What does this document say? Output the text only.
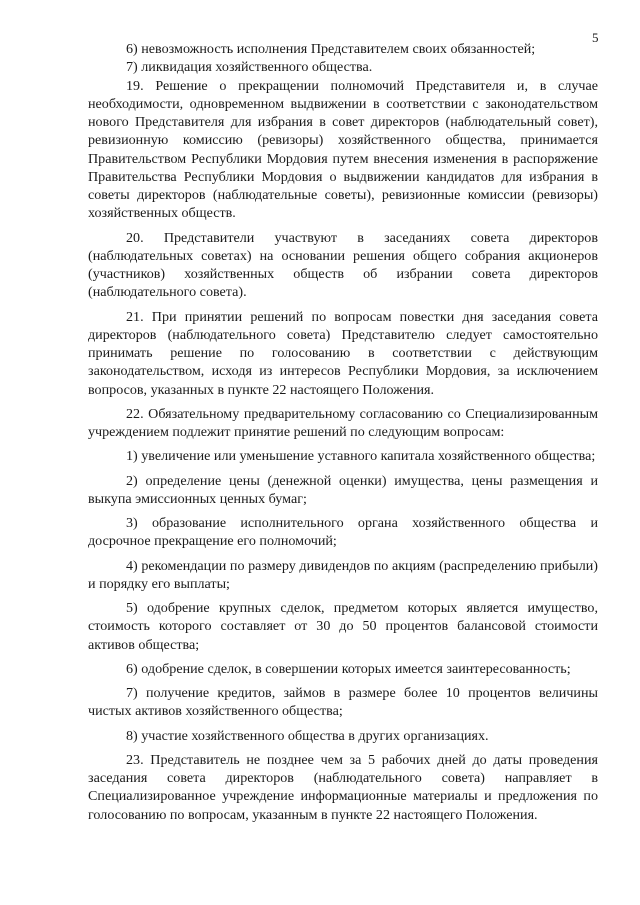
5

6) невозможность исполнения Представителем своих обязанностей;

7) ликвидация хозяйственного общества.

19. Решение о прекращении полномочий Представителя и, в случае необходимости, одновременном выдвижении в соответствии с законодательством нового Представителя для избрания в совет директоров (наблюдательный совет), ревизионную комиссию (ревизоры) хозяйственного общества, принимается Правительством Республики Мордовия путем внесения изменения в распоряжение Правительства Республики Мордовия о выдвижении кандидатов для избрания в советы директоров (наблюдательные советы), ревизионные комиссии (ревизоры) хозяйственных обществ.

20. Представители участвуют в заседаниях совета директоров (наблюдательных советах) на основании решения общего собрания акционеров (участников) хозяйственных обществ об избрании совета директоров (наблюдательного совета).

21. При принятии решений по вопросам повестки дня заседания совета директоров (наблюдательного совета) Представителю следует самостоятельно принимать решение по голосованию в соответствии с действующим законодательством, исходя из интересов Республики Мордовия, за исключением вопросов, указанных в пункте 22 настоящего Положения.

22. Обязательному предварительному согласованию со Специализированным учреждением подлежит принятие решений по следующим вопросам:

1) увеличение или уменьшение уставного капитала хозяйственного общества;

2) определение цены (денежной оценки) имущества, цены размещения и выкупа эмиссионных ценных бумаг;

3) образование исполнительного органа хозяйственного общества и досрочное прекращение его полномочий;

4) рекомендации по размеру дивидендов по акциям (распределению прибыли) и порядку его выплаты;

5) одобрение крупных сделок, предметом которых является имущество, стоимость которого составляет от 30 до 50 процентов балансовой стоимости активов общества;

6) одобрение сделок, в совершении которых имеется заинтересованность;

7) получение кредитов, займов в размере более 10 процентов величины чистых активов хозяйственного общества;

8) участие хозяйственного общества в других организациях.

23. Представитель не позднее чем за 5 рабочих дней до даты проведения заседания совета директоров (наблюдательного совета) направляет в Специализированное учреждение информационные материалы и предложения по голосованию по вопросам, указанным в пункте 22 настоящего Положения.
